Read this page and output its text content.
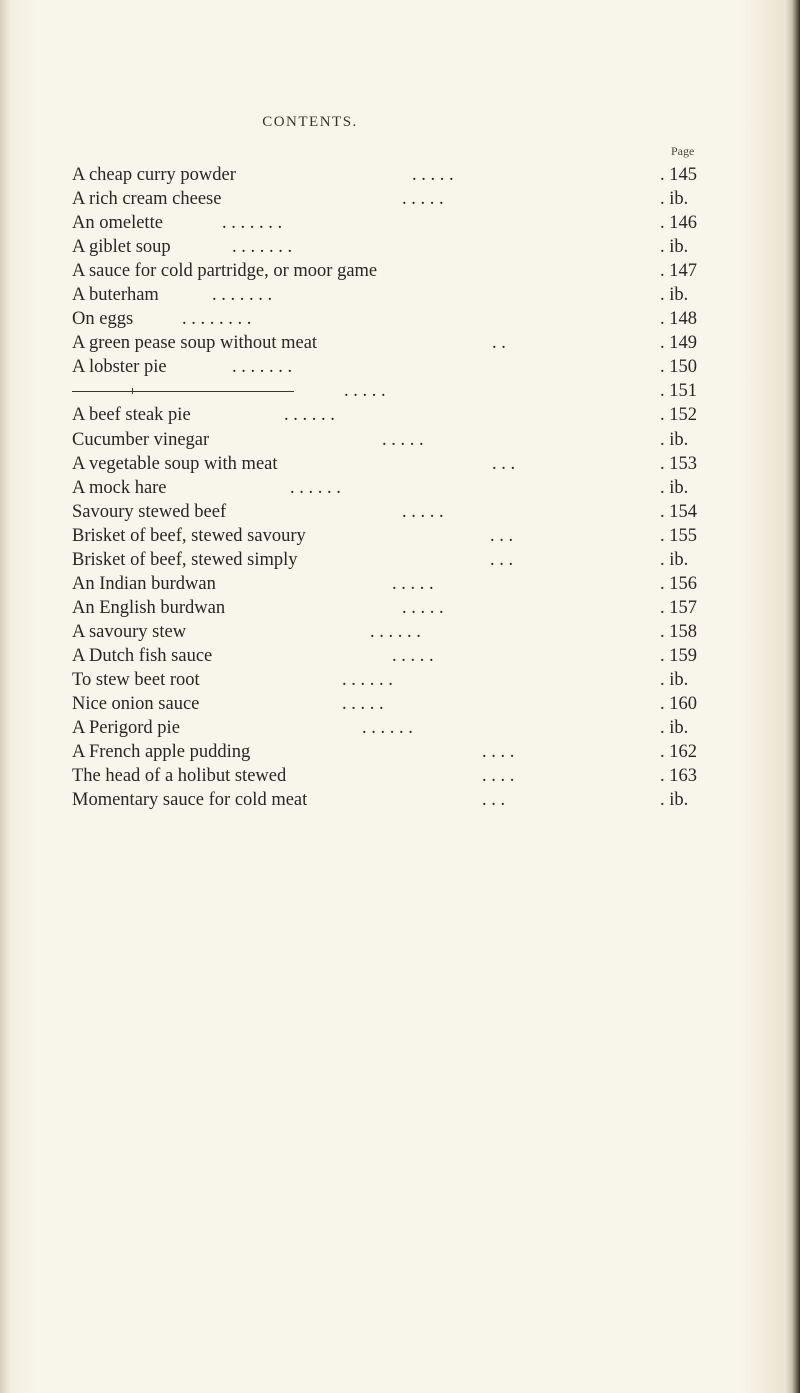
CONTENTS.
Page
A cheap curry powder	. . . . .	. 145
A rich cream cheese	. . . . .	. ib.
An omelette	. . . . . . .	. 146
A giblet soup	. . . . . . .	. ib.
A sauce for cold partridge, or moor game	. 147
A buterham	. . . . . . .	. ib.
On eggs	. . . . . . . .	. 148
A green pease soup without meat	. .	. 149
A lobster pie	. . . . . . .	. 150
. . . . .	. 151
A beef steak pie	. . . . . .	. 152
Cucumber vinegar	. . . . .	. ib.
A vegetable soup with meat	. . .	. 153
A mock hare	. . . . . .	. ib.
Savoury stewed beef	. . . . .	. 154
Brisket of beef, stewed savoury	. . .	. 155
Brisket of beef, stewed simply	. . .	. ib.
An Indian burdwan	. . . . .	. 156
An English burdwan	. . . . .	. 157
A savoury stew	. . . . . .	. 158
A Dutch fish sauce	. . . . .	. 159
To stew beet root	. . . . . .	. ib.
Nice onion sauce	. . . . .	. 160
A Perigord pie	. . . . . .	. ib.
A French apple pudding	. . . .	. 162
The head of a holibut stewed	. . . .	. 163
Momentary sauce for cold meat	. . .	. ib.
